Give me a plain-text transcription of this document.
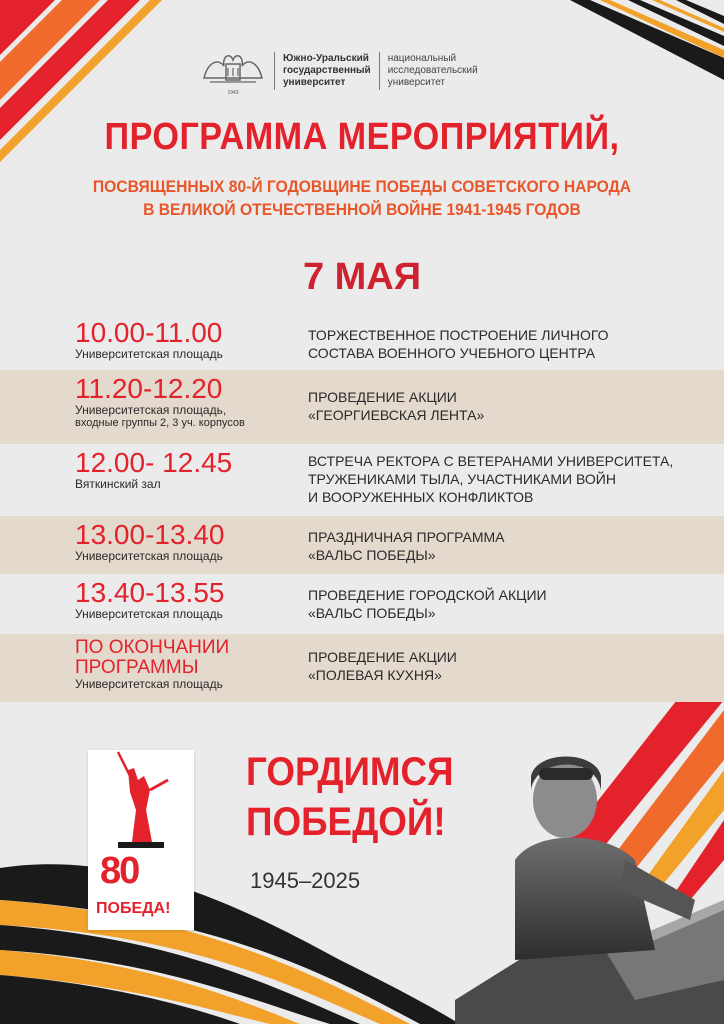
1943
Южно-Уральский
государственный
университет
национальный
исследовательский
университет
ПРОГРАММА МЕРОПРИЯТИЙ,
ПОСВЯЩЕННЫХ 80-Й ГОДОВЩИНЕ ПОБЕДЫ СОВЕТСКОГО НАРОДА
В ВЕЛИКОЙ ОТЕЧЕСТВЕННОЙ ВОЙНЕ 1941-1945 ГОДОВ
7 МАЯ
10.00-11.00
Университетская площадь
ТОРЖЕСТВЕННОЕ ПОСТРОЕНИЕ ЛИЧНОГО
СОСТАВА ВОЕННОГО УЧЕБНОГО ЦЕНТРА
11.20-12.20
Университетская площадь,
входные группы 2, 3 уч. корпусов
ПРОВЕДЕНИЕ АКЦИИ
«ГЕОРГИЕВСКАЯ ЛЕНТА»
12.00- 12.45
Вяткинский зал
ВСТРЕЧА РЕКТОРА С ВЕТЕРАНАМИ УНИВЕРСИТЕТА,
ТРУЖЕНИКАМИ ТЫЛА, УЧАСТНИКАМИ ВОЙН
И ВООРУЖЕННЫХ КОНФЛИКТОВ
13.00-13.40
Университетская площадь
ПРАЗДНИЧНАЯ ПРОГРАММА
«ВАЛЬС ПОБЕДЫ»
13.40-13.55
Университетская площадь
ПРОВЕДЕНИЕ ГОРОДСКОЙ АКЦИИ
«ВАЛЬС ПОБЕДЫ»
ПО ОКОНЧАНИИ
ПРОГРАММЫ
Университетская площадь
ПРОВЕДЕНИЕ АКЦИИ
«ПОЛЕВАЯ КУХНЯ»
80
ПОБЕДА!
ГОРДИМСЯ
ПОБЕДОЙ!
1945–2025
